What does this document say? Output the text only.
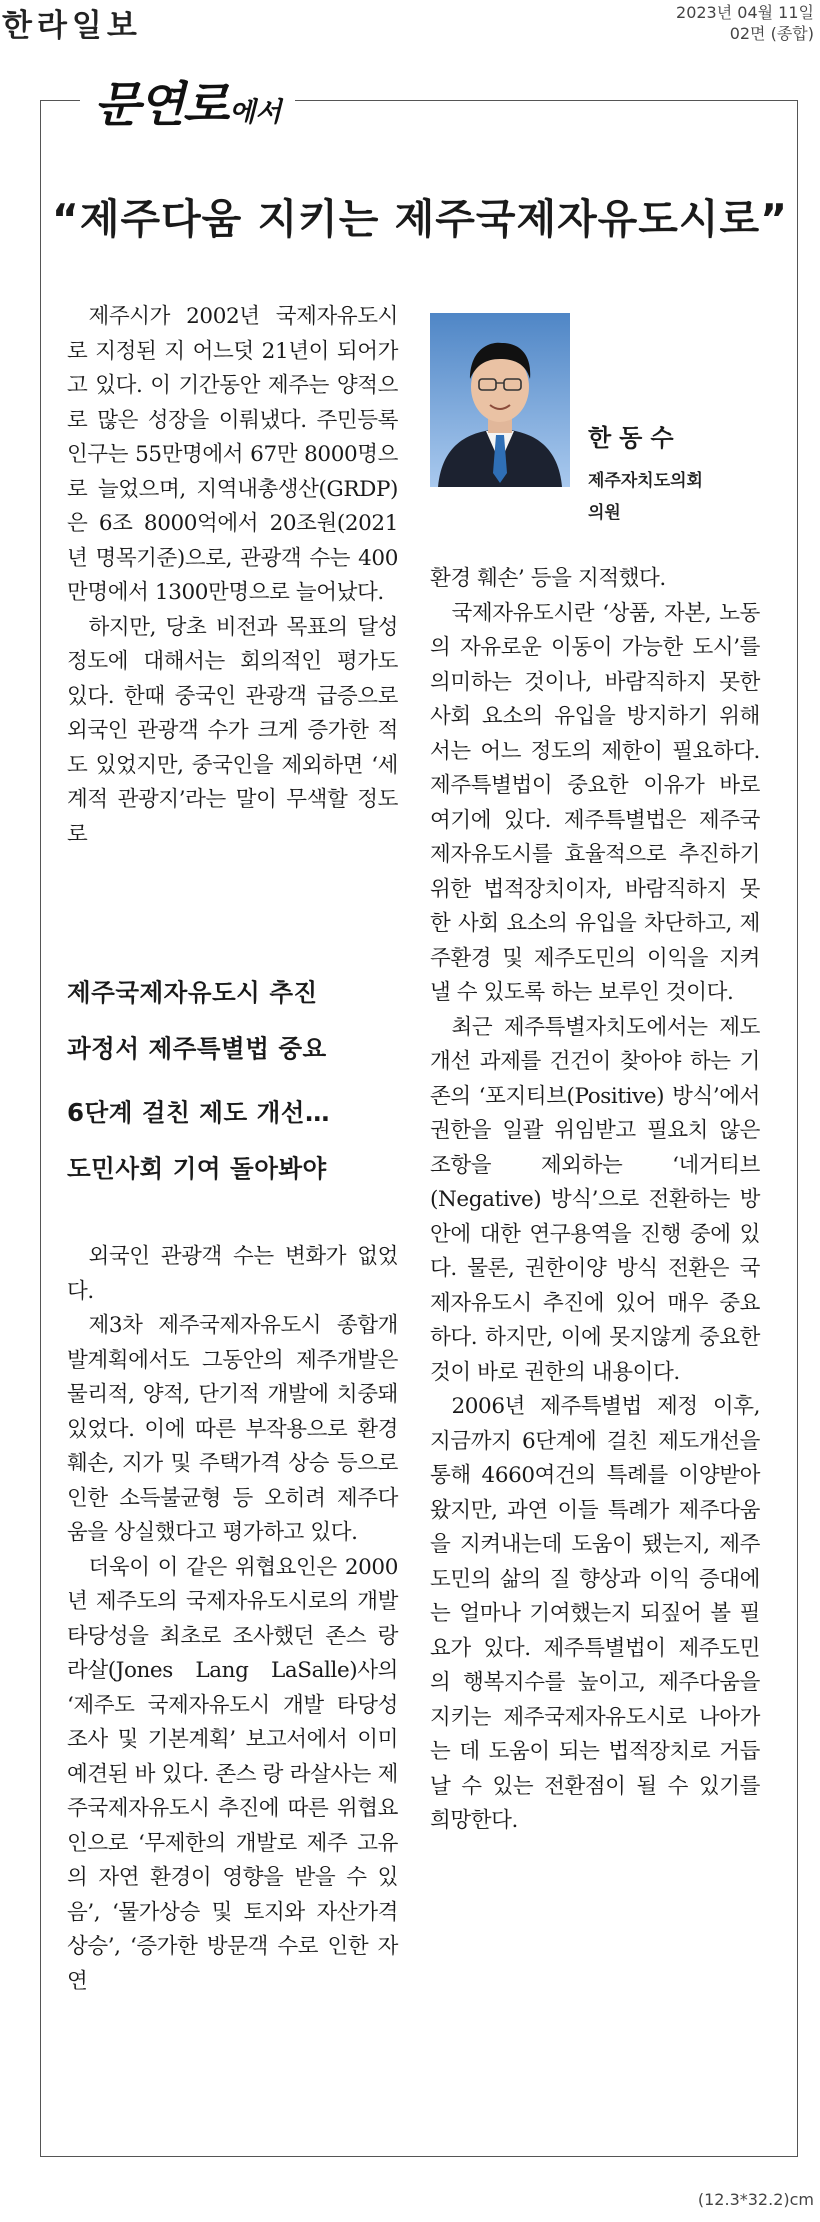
한라일보	2023년 04월 11일
02면 (종합)
문연로 에서
“제주다움 지키는 제주국제자유도시로”

제주시가 2002년 국제자유도시로 지정된 지 어느덧 21년이 되어가고 있다. 이 기간동안 제주는 양적으로 많은 성장을 이뤄냈다. 주민등록인구는 55만명에서 67만 8000명으로 늘었으며, 지역내총생산(GRDP)은 6조 8000억에서 20조원(2021년 명목기준)으로, 관광객 수는 400만명에서 1300만명으로 늘어났다.

하지만, 당초 비전과 목표의 달성 정도에 대해서는 회의적인 평가도 있다. 한때 중국인 관광객 급증으로 외국인 관광객 수가 크게 증가한 적도 있었지만, 중국인을 제외하면 ‘세계적 관광지’라는 말이 무색할 정도로

제주국제자유도시 추진
과정서 제주특별법 중요
6단계 걸친 제도 개선…
도민사회 기여 돌아봐야

외국인 관광객 수는 변화가 없었다.

제3차 제주국제자유도시 종합개발계획에서도 그동안의 제주개발은 물리적, 양적, 단기적 개발에 치중돼 있었다. 이에 따른 부작용으로 환경 훼손, 지가 및 주택가격 상승 등으로 인한 소득불균형 등 오히려 제주다움을 상실했다고 평가하고 있다.

더욱이 이 같은 위협요인은 2000년 제주도의 국제자유도시로의 개발 타당성을 최초로 조사했던 존스 랑 라살(Jones Lang LaSalle)사의 ‘제주도 국제자유도시 개발 타당성 조사 및 기본계획’ 보고서에서 이미 예견된 바 있다. 존스 랑 라살사는 제주국제자유도시 추진에 따른 위협요인으로 ‘무제한의 개발로 제주 고유의 자연 환경이 영향을 받을 수 있음’, ‘물가상승 및 토지와 자산가격 상승’, ‘증가한 방문객 수로 인한 자연

한동수
제주자치도의회
의원

환경 훼손’ 등을 지적했다.

국제자유도시란 ‘상품, 자본, 노동의 자유로운 이동이 가능한 도시’를 의미하는 것이나, 바람직하지 못한 사회 요소의 유입을 방지하기 위해서는 어느 정도의 제한이 필요하다. 제주특별법이 중요한 이유가 바로 여기에 있다. 제주특별법은 제주국제자유도시를 효율적으로 추진하기 위한 법적장치이자, 바람직하지 못한 사회 요소의 유입을 차단하고, 제주환경 및 제주도민의 이익을 지켜낼 수 있도록 하는 보루인 것이다.

최근 제주특별자치도에서는 제도개선 과제를 건건이 찾아야 하는 기존의 ‘포지티브(Positive) 방식’에서 권한을 일괄 위임받고 필요치 않은 조항을 제외하는 ‘네거티브(Negative) 방식’으로 전환하는 방안에 대한 연구용역을 진행 중에 있다. 물론, 권한이양 방식 전환은 국제자유도시 추진에 있어 매우 중요하다. 하지만, 이에 못지않게 중요한 것이 바로 권한의 내용이다.

2006년 제주특별법 제정 이후, 지금까지 6단계에 걸친 제도개선을 통해 4660여건의 특례를 이양받아 왔지만, 과연 이들 특례가 제주다움을 지켜내는데 도움이 됐는지, 제주도민의 삶의 질 향상과 이익 증대에는 얼마나 기여했는지 되짚어 볼 필요가 있다. 제주특별법이 제주도민의 행복지수를 높이고, 제주다움을 지키는 제주국제자유도시로 나아가는 데 도움이 되는 법적장치로 거듭날 수 있는 전환점이 될 수 있기를 희망한다.

(12.3*32.2)cm
